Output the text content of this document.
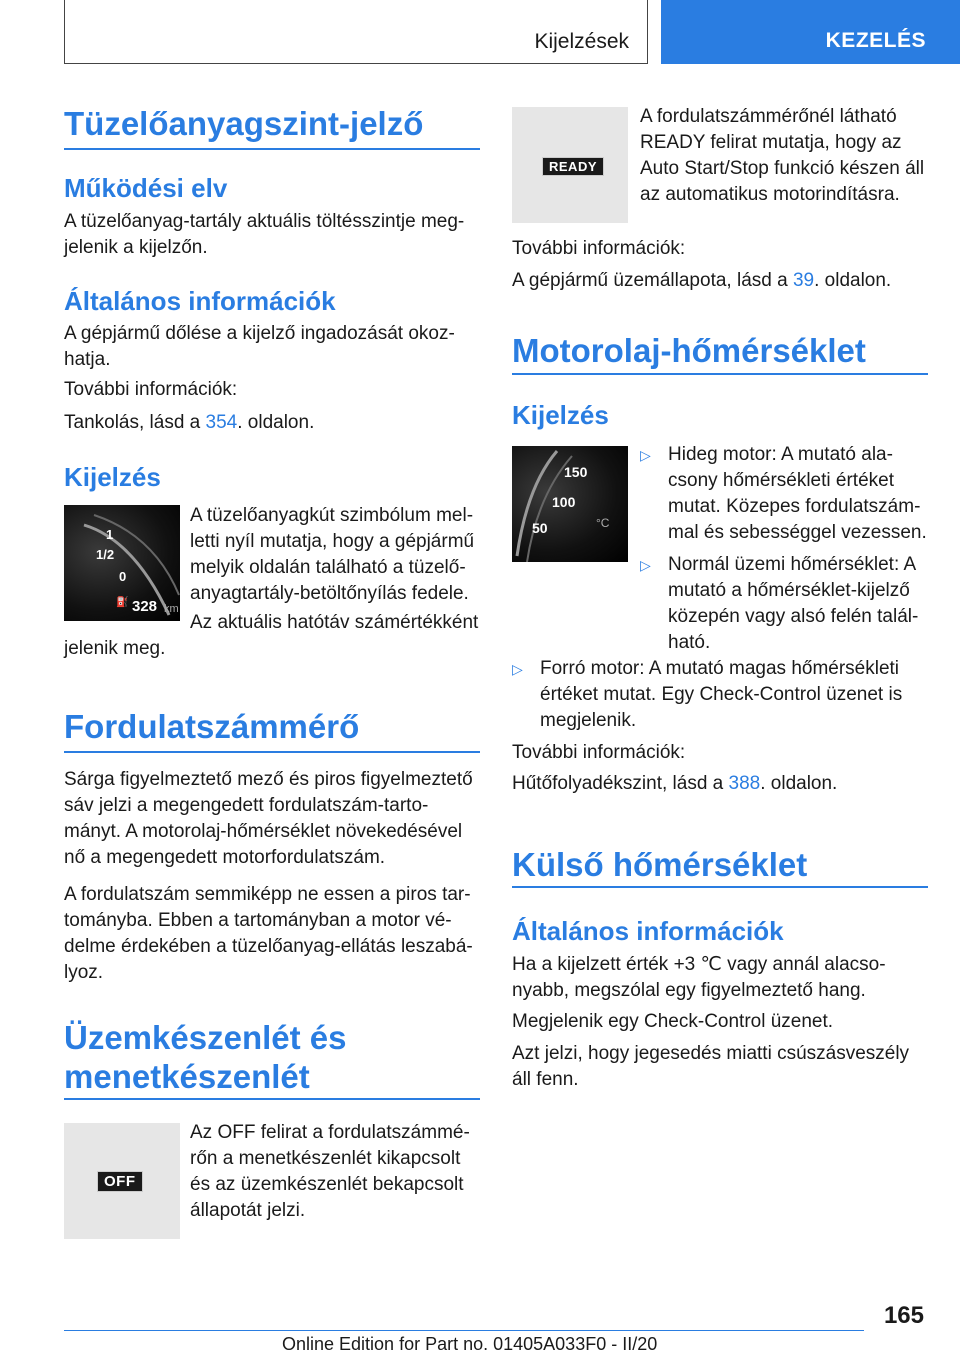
Kijelzések	KEZELÉS
Tüzelőanyagszint-jelző
Működési elv

A tüzelőanyag-tartály aktuális töltésszintje meg-jelenik a kijelzőn.

Általános információk

A gépjármű dőlése a kijelző ingadozását okoz-hatja.

További információk:

Tankolás, lásd a 354. oldalon.

Kijelzés
1
1/2
0
⛽ 328 km

A tüzelőanyagkút szimbólum mel-letti nyíl mutatja, hogy a gépjármű melyik oldalán található a tüzelő-anyagtartály-betöltőnyílás fedele.

Az aktuális hatótáv számértékként

jelenik meg.

Fordulatszámmérő

Sárga figyelmeztető mező és piros figyelmeztető sáv jelzi a megengedett fordulatszám-tarto-mányt. A motorolaj-hőmérséklet növekedésével nő a megengedett motorfordulatszám.

A fordulatszám semmiképp ne essen a piros tar-tományba. Ebben a tartományban a motor vé-delme érdekében a tüzelőanyag-ellátás leszabá-lyoz.

Üzemkészenlét és
menetkészenlét
OFF

Az OFF felirat a fordulatszámmé-rőn a menetkészenlét kikapcsolt és az üzemkészenlét bekapcsolt állapotát jelzi.

READY

A fordulatszámmérőnél látható READY felirat mutatja, hogy az Auto Start/Stop funkció készen áll az automatikus motorindításra.

További információk:

A gépjármű üzemállapota, lásd a 39. oldalon.

Motorolaj-hőmérséklet
Kijelzés
150
100
50	°C
▷ Hideg motor: A mutató ala-csony hőmérsékleti értéket mutat. Közepes fordulatszám-mal és sebességgel vezessen.

▷ Normál üzemi hőmérséklet: A mutató a hőmérséklet-kijelző közepén vagy alsó felén talál-ható.

▷ Forró motor: A mutató magas hőmérsékleti értéket mutat. Egy Check-Control üzenet is megjelenik.

További információk:

Hűtőfolyadékszint, lásd a 388. oldalon.

Külső hőmérséklet
Általános információk

Ha a kijelzett érték +3 ℃ vagy annál alacso-nyabb, megszólal egy figyelmeztető hang.

Megjelenik egy Check-Control üzenet.

Azt jelzi, hogy jegesedés miatti csúszásveszély áll fenn.

165
Online Edition for Part no. 01405A033F0 - II/20
